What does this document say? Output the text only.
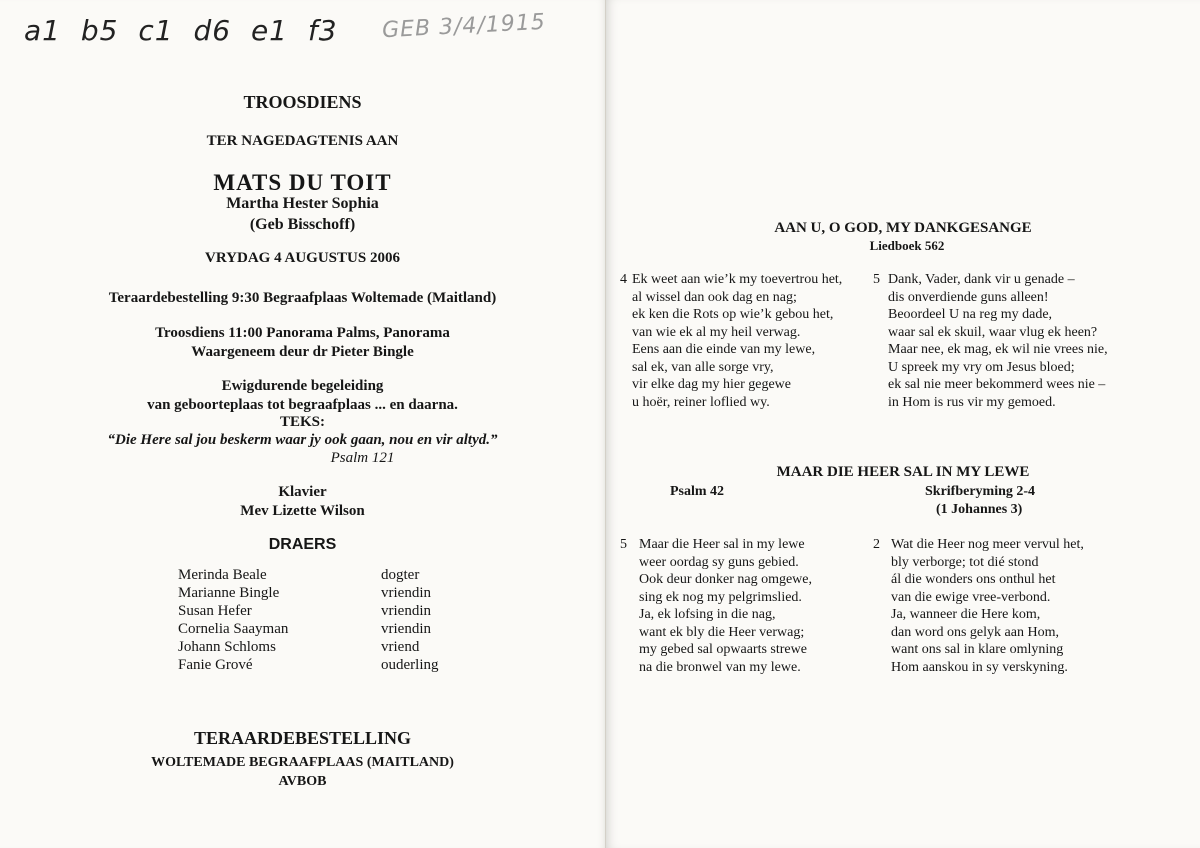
a1 b5 c1 d6 e1 f3 GEB 3/4/1915
TROOSDIENS
TER NAGEDAGTENIS AAN
MATS DU TOIT
Martha Hester Sophia
(Geb Bisschoff)
VRYDAG 4 AUGUSTUS 2006
Teraardebestelling 9:30 Begraafplaas Woltemade (Maitland)
Troosdiens 11:00 Panorama Palms, Panorama
Waargeneem deur dr Pieter Bingle
Ewigdurende begeleiding
van geboorteplaas tot begraafplaas ... en daarna.
TEKS:
“Die Here sal jou beskerm waar jy ook gaan, nou en vir altyd.”
Psalm 121
Klavier
Mev Lizette Wilson
DRAERS
Merinda Beale	dogter
Marianne Bingle	vriendin
Susan Hefer	vriendin
Cornelia Saayman	vriendin
Johann Schloms	vriend
Fanie Grové	ouderling
TERAARDEBESTELLING
WOLTEMADE BEGRAAFPLAAS (MAITLAND)
AVBOB
AAN U, O GOD, MY DANKGESANGE
Liedboek 562
4 Ek weet aan wie’k my toevertrou het,
al wissel dan ook dag en nag;
ek ken die Rots op wie’k gebou het,
van wie ek al my heil verwag.
Eens aan die einde van my lewe,
sal ek, van alle sorge vry,
vir elke dag my hier gegewe
u hoër, reiner loflied wy.
5 Dank, Vader, dank vir u genade –
dis onverdiende guns alleen!
Beoordeel U na reg my dade,
waar sal ek skuil, waar vlug ek heen?
Maar nee, ek mag, ek wil nie vrees nie,
U spreek my vry om Jesus bloed;
ek sal nie meer bekommerd wees nie –
in Hom is rus vir my gemoed.
MAAR DIE HEER SAL IN MY LEWE
Psalm 42	Skrifberyming 2-4
(1 Johannes 3)
5 Maar die Heer sal in my lewe
weer oordag sy guns gebied.
Ook deur donker nag omgewe,
sing ek nog my pelgrimslied.
Ja, ek lofsing in die nag,
want ek bly die Heer verwag;
my gebed sal opwaarts strewe
na die bronwel van my lewe.
2 Wat die Heer nog meer vervul het,
bly verborge; tot dié stond
ál die wonders ons onthul het
van die ewige vree-verbond.
Ja, wanneer die Here kom,
dan word ons gelyk aan Hom,
want ons sal in klare omlyning
Hom aanskou in sy verskyning.
